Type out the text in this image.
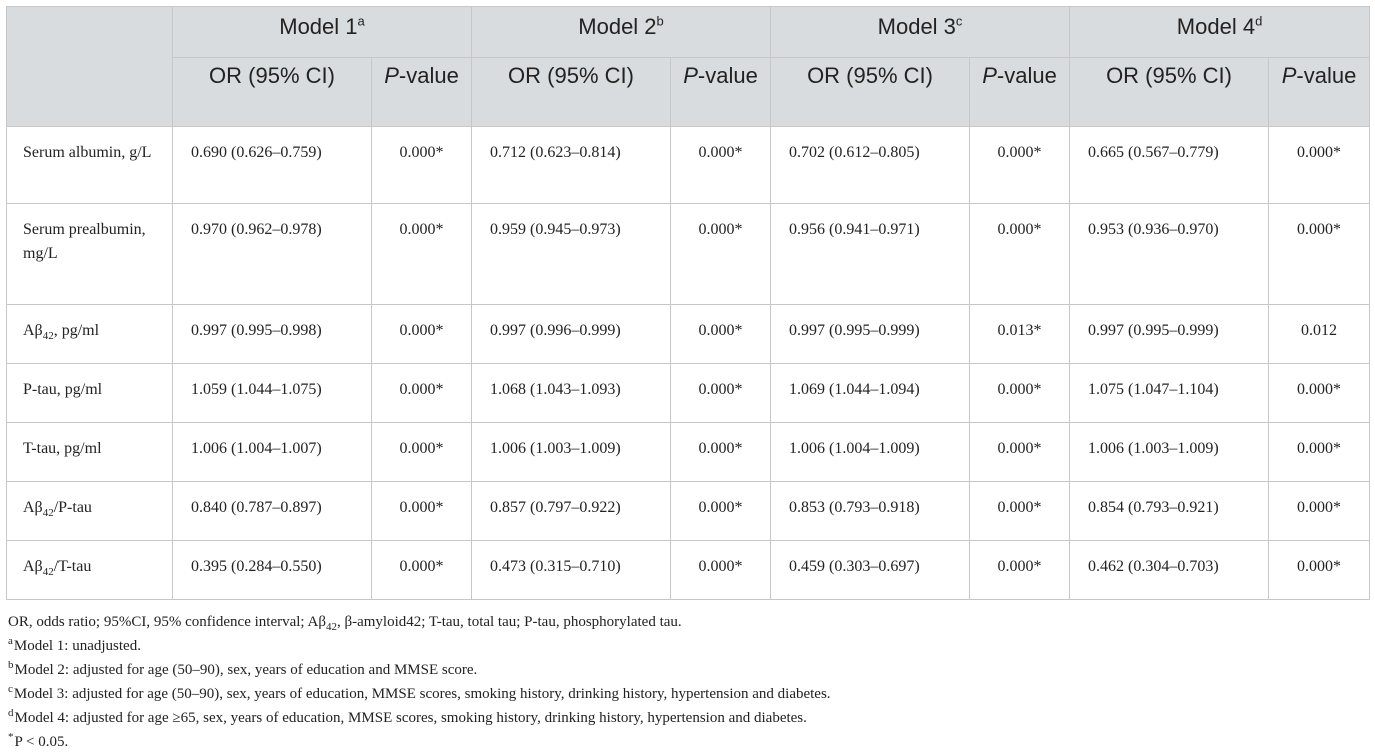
	Model 1$^a$		Model 2$^b$		Model 3$^c$		Model 4$^d$
	OR (95% CI)	P-value	OR (95% CI)	P-value	OR (95% CI)	P-value	OR (95% CI)	P-value
Serum albumin, g/L	0.690 (0.626–0.759)	0.000*	0.712 (0.623–0.814)	0.000*	0.702 (0.612–0.805)	0.000*	0.665 (0.567–0.779)	0.000*
Serum prealbumin, mg/L	0.970 (0.962–0.978)	0.000*	0.959 (0.945–0.973)	0.000*	0.956 (0.941–0.971)	0.000*	0.953 (0.936–0.970)	0.000*
$A\beta_{42}$, pg/ml	0.997 (0.995–0.998)	0.000*	0.997 (0.996–0.999)	0.000*	0.997 (0.995–0.999)	0.013*	0.997 (0.995–0.999)	0.012
P-tau, pg/ml	1.059 (1.044–1.075)	0.000*	1.068 (1.043–1.093)	0.000*	1.069 (1.044–1.094)	0.000*	1.075 (1.047–1.104)	0.000*
T-tau, pg/ml	1.006 (1.004–1.007)	0.000*	1.006 (1.003–1.009)	0.000*	1.006 (1.004–1.009)	0.000*	1.006 (1.003–1.009)	0.000*
$A\beta_{42}/P$-tau	0.840 (0.787–0.897)	0.000*	0.857 (0.797–0.922)	0.000*	0.853 (0.793–0.918)	0.000*	0.854 (0.793–0.921)	0.000*
$A\beta_{42}/T$-tau	0.395 (0.284–0.550)	0.000*	0.473 (0.315–0.710)	0.000*	0.459 (0.303–0.697)	0.000*	0.462 (0.304–0.703)	0.000*
OR, odds ratio; 95%CI, 95% confidence interval; $A\beta_{42}$, β-amyloid42; T-tau, total tau; P-tau, phosphorylated tau.
$^a$Model 1: unadjusted.
$^b$Model 2: adjusted for age (50–90), sex, years of education and MMSE score.
$^c$Model 3: adjusted for age (50–90), sex, years of education, MMSE scores, smoking history, drinking history, hypertension and diabetes.
$^d$Model 4: adjusted for age ≥65, sex, years of education, MMSE scores, smoking history, drinking history, hypertension and diabetes.
*P < 0.05.
